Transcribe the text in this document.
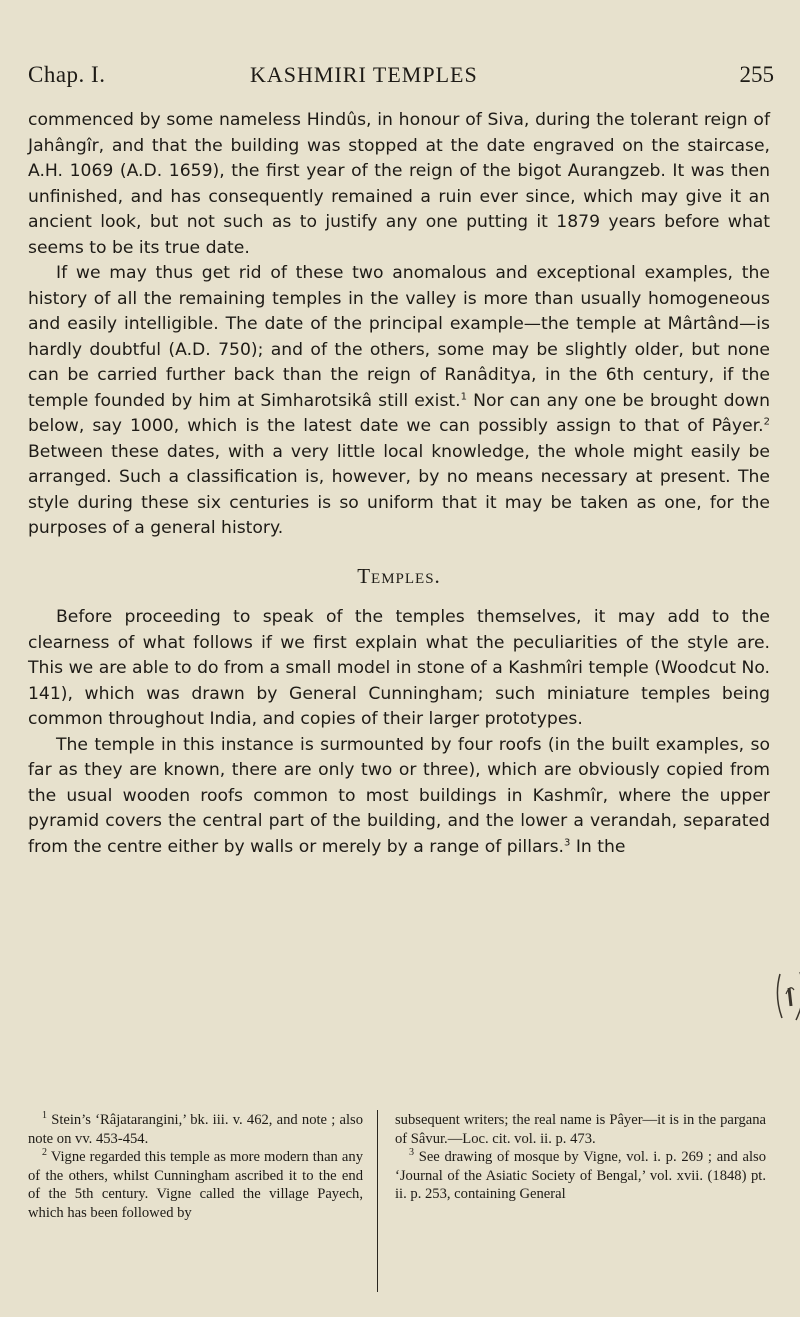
Chap. I.	KASHMIRI TEMPLES	255

commenced by some nameless Hindûs, in honour of Siva, during the tolerant reign of Jahângîr, and that the building was stopped at the date engraved on the staircase, A.H. 1069 (A.D. 1659), the first year of the reign of the bigot Aurangzeb. It was then unfinished, and has consequently remained a ruin ever since, which may give it an ancient look, but not such as to justify any one putting it 1879 years before what seems to be its true date.

If we may thus get rid of these two anomalous and exceptional examples, the history of all the remaining temples in the valley is more than usually homogeneous and easily intelligible. The date of the principal example—the temple at Mârtând—is hardly doubtful (A.D. 750); and of the others, some may be slightly older, but none can be carried further back than the reign of Ranâditya, in the 6th century, if the temple founded by him at Simharotsikâ still exist.$^1$ Nor can any one be brought down below, say 1000, which is the latest date we can possibly assign to that of Pâyer.$^2$ Between these dates, with a very little local knowledge, the whole might easily be arranged. Such a classification is, however, by no means necessary at present. The style during these six centuries is so uniform that it may be taken as one, for the purposes of a general history.

Temples.

Before proceeding to speak of the temples themselves, it may add to the clearness of what follows if we first explain what the peculiarities of the style are. This we are able to do from a small model in stone of a Kashmîri temple (Woodcut No. 141), which was drawn by General Cunningham; such miniature temples being common throughout India, and copies of their larger prototypes.

The temple in this instance is surmounted by four roofs (in the built examples, so far as they are known, there are only two or three), which are obviously copied from the usual wooden roofs common to most buildings in Kashmîr, where the upper pyramid covers the central part of the building, and the lower a verandah, separated from the centre either by walls or merely by a range of pillars.$^3$ In the

$^1$ Stein’s ‘Râjatarangini,’ bk. iii. v. 462, and note ; also note on vv. 453-454.

$^2$ Vigne regarded this temple as more modern than any of the others, whilst Cunningham ascribed it to the end of the 5th century. Vigne called the village Payech, which has been followed by

subsequent writers; the real name is Pâyer—it is in the pargana of Sâvur.—Loc. cit. vol. ii. p. 473.

$^3$ See drawing of mosque by Vigne, vol. i. p. 269 ; and also ‘Journal of the Asiatic Society of Bengal,’ vol. xvii. (1848) pt. ii. p. 253, containing General
